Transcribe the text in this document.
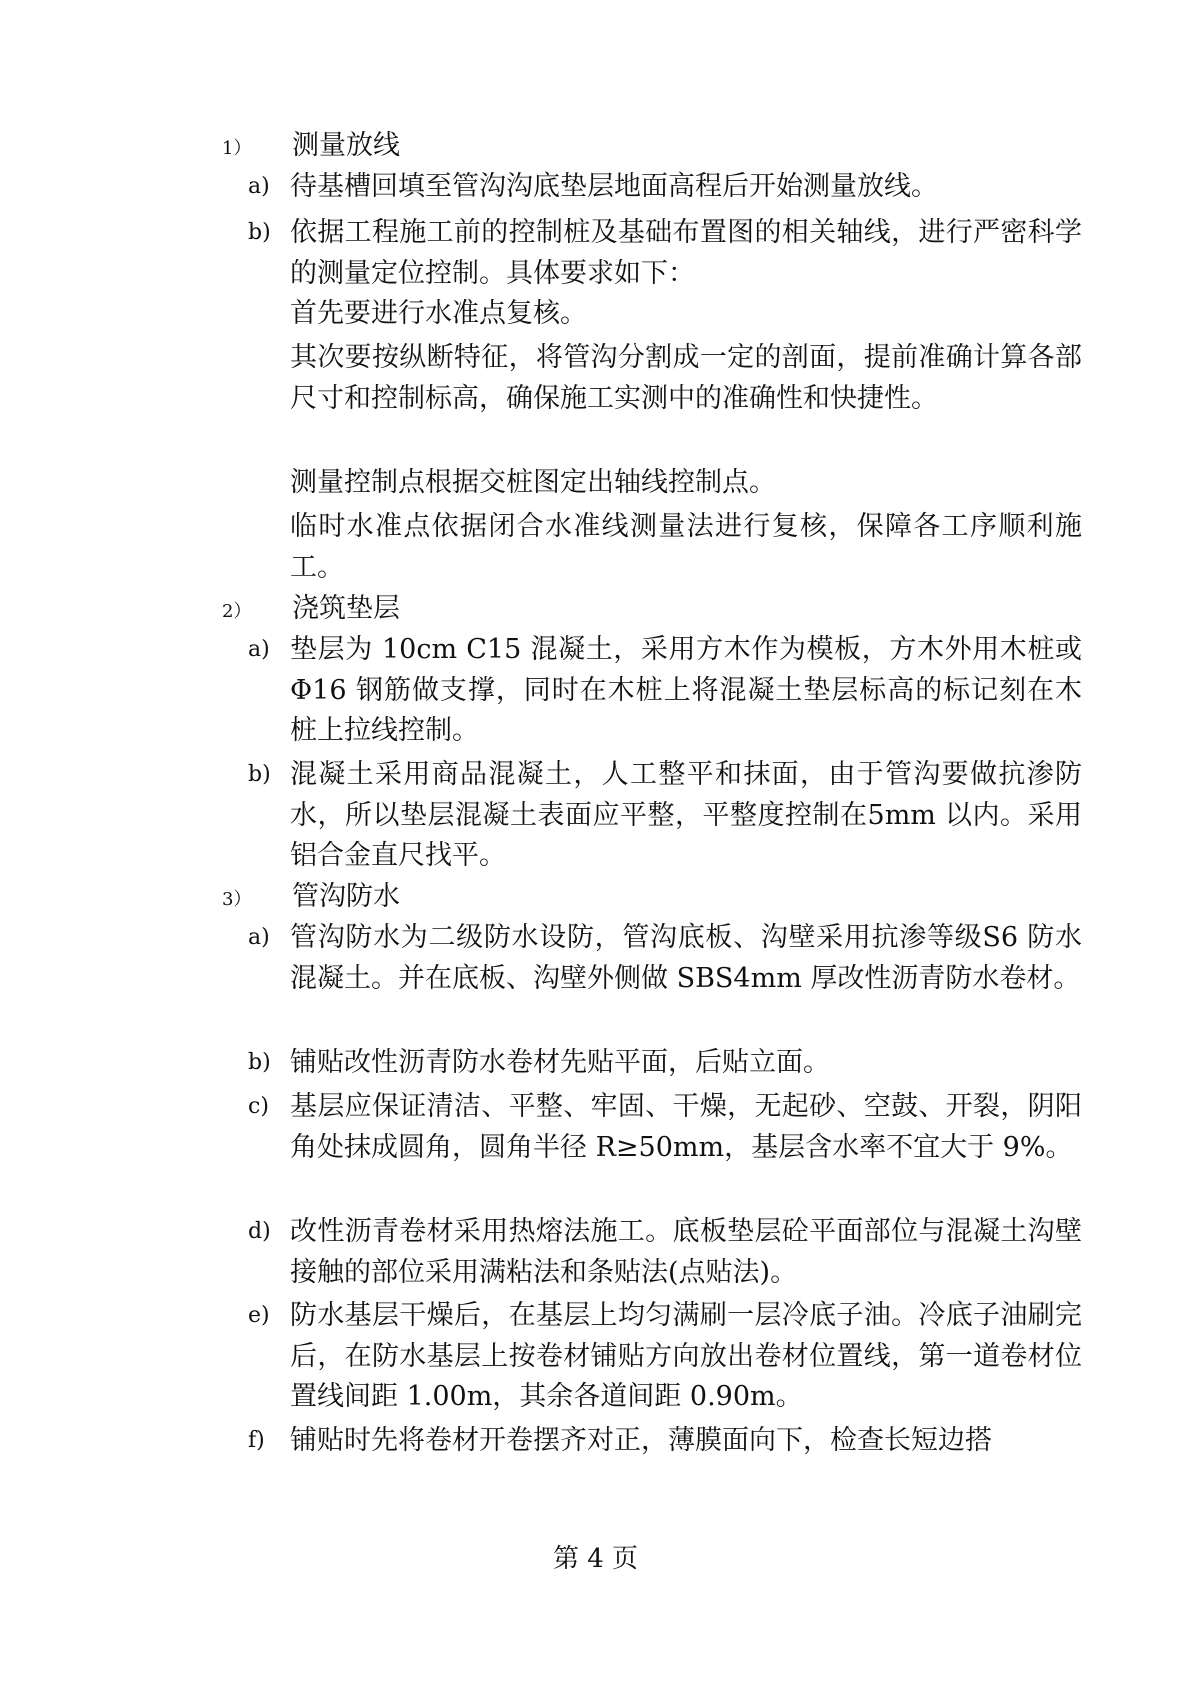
1） 测量放线
a) 待基槽回填至管沟沟底垫层地面高程后开始测量放线。
b) 依据工程施工前的控制桩及基础布置图的相关轴线，进行严密科学的测量定位控制。具体要求如下：
首先要进行水准点复核。
其次要按纵断特征，将管沟分割成一定的剖面，提前准确计算各部尺寸和控制标高，确保施工实测中的准确性和快捷性。
测量控制点根据交桩图定出轴线控制点。
临时水准点依据闭合水准线测量法进行复核，保障各工序顺利施工。
2） 浇筑垫层
a) 垫层为 10cm C15 混凝土，采用方木作为模板，方木外用木桩或 Φ16 钢筋做支撑，同时在木桩上将混凝土垫层标高的标记刻在木桩上拉线控制。
b) 混凝土采用商品混凝土，人工整平和抹面，由于管沟要做抗渗防水，所以垫层混凝土表面应平整，平整度控制在5mm 以内。采用铝合金直尺找平。
3） 管沟防水
a) 管沟防水为二级防水设防，管沟底板、沟壁采用抗渗等级S6 防水混凝土。并在底板、沟壁外侧做 SBS4mm 厚改性沥青防水卷材。
b) 铺贴改性沥青防水卷材先贴平面，后贴立面。
c) 基层应保证清洁、平整、牢固、干燥，无起砂、空鼓、开裂，阴阳角处抹成圆角，圆角半径 R≥50mm，基层含水率不宜大于 9%。
d) 改性沥青卷材采用热熔法施工。底板垫层砼平面部位与混凝土沟壁接触的部位采用满粘法和条贴法(点贴法)。
e) 防水基层干燥后，在基层上均匀满刷一层冷底子油。冷底子油刷完后，在防水基层上按卷材铺贴方向放出卷材位置线，第一道卷材位置线间距 1.00m，其余各道间距 0.90m。
f) 铺贴时先将卷材开卷摆齐对正，薄膜面向下，检查长短边搭
第 4 页
